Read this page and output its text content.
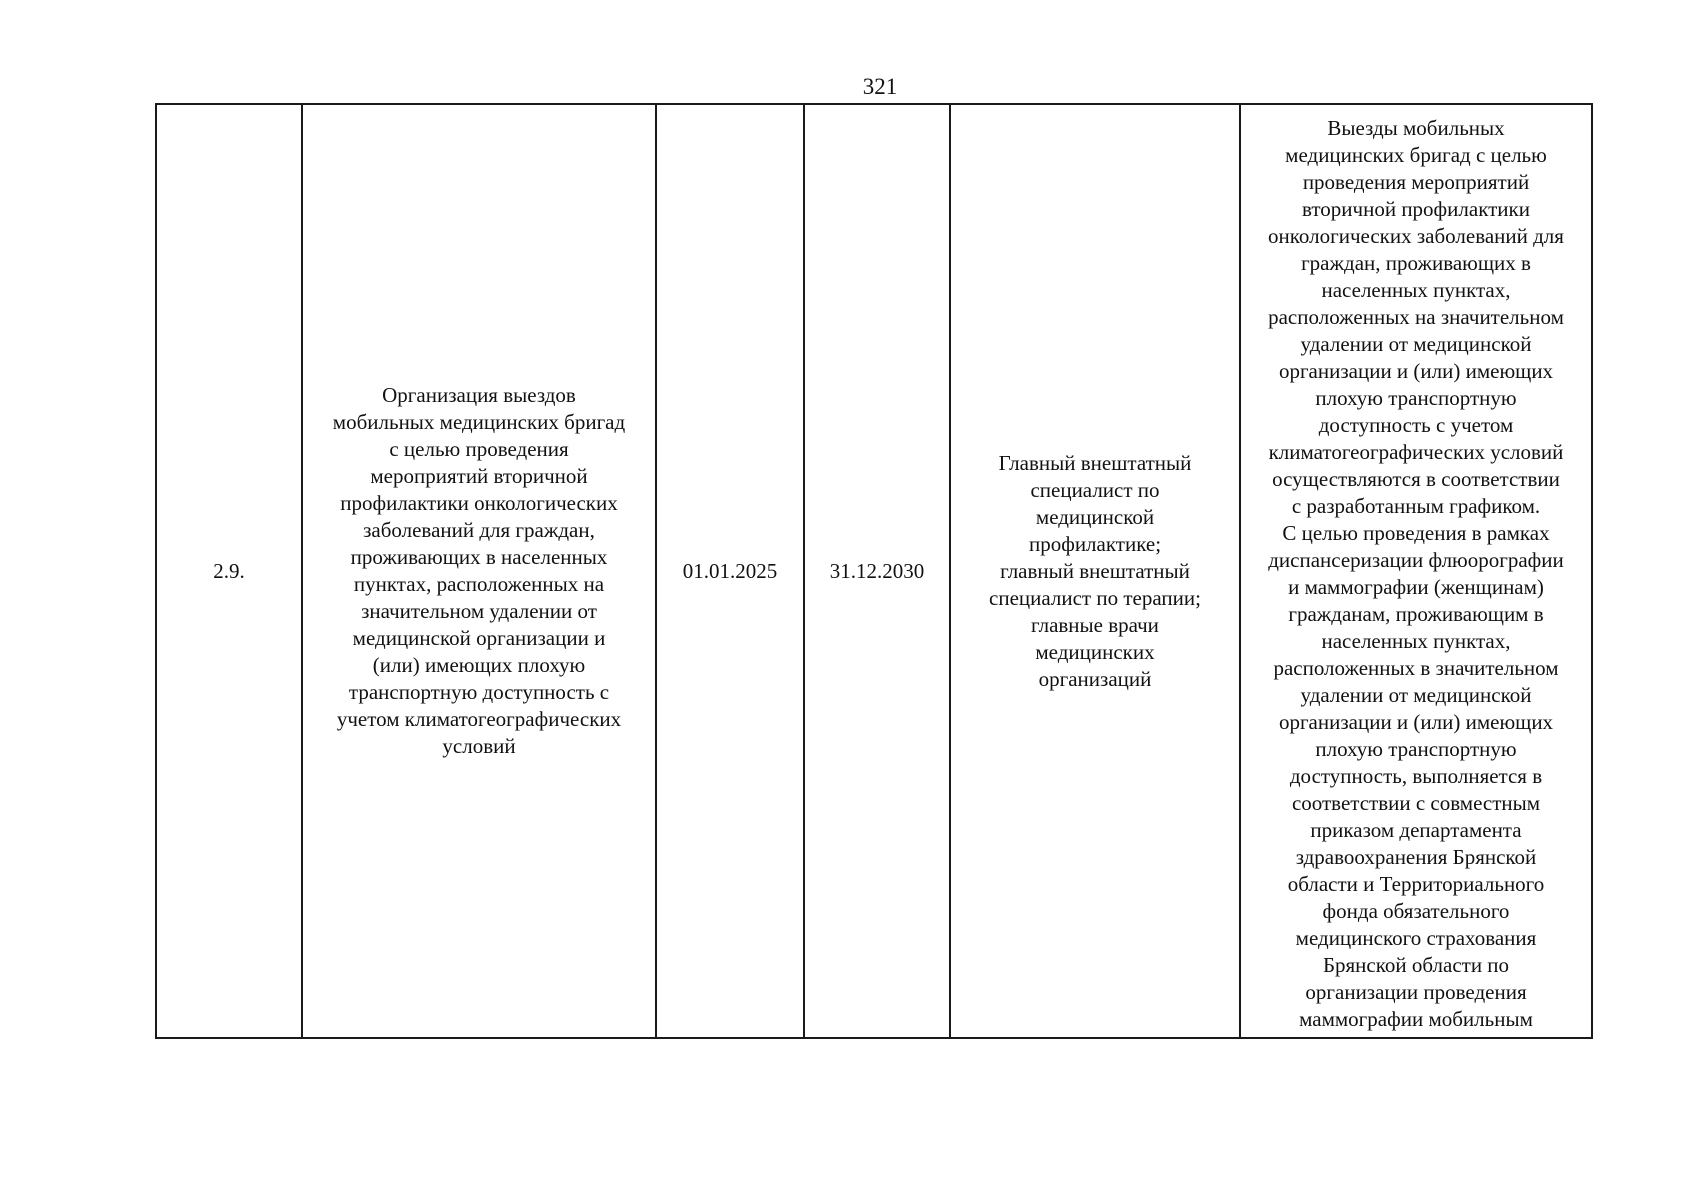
321
2.9.

Организация выездов
мобильных медицинских бригад
с целью проведения
мероприятий вторичной
профилактики онкологических
заболеваний для граждан,
проживающих в населенных
пунктах, расположенных на
значительном удалении от
медицинской организации и
(или) имеющих плохую
транспортную доступность с
учетом климатогеографических
условий

01.01.2025	31.12.2030

Главный внештатный
специалист по
медицинской
профилактике;
главный внештатный
специалист по терапии;
главные врачи
медицинских
организаций

Выезды мобильных
медицинских бригад с целью
проведения мероприятий
вторичной профилактики
онкологических заболеваний для
граждан, проживающих в
населенных пунктах,
расположенных на значительном
удалении от медицинской
организации и (или) имеющих
плохую транспортную
доступность с учетом
климатогеографических условий
осуществляются в соответствии
с разработанным графиком.
С целью проведения в рамках
диспансеризации флюорографии
и маммографии (женщинам)
гражданам, проживающим в
населенных пунктах,
расположенных в значительном
удалении от медицинской
организации и (или) имеющих
плохую транспортную
доступность, выполняется в
соответствии с совместным
приказом департамента
здравоохранения Брянской
области и Территориального
фонда обязательного
медицинского страхования
Брянской области по
организации проведения
маммографии мобильным
